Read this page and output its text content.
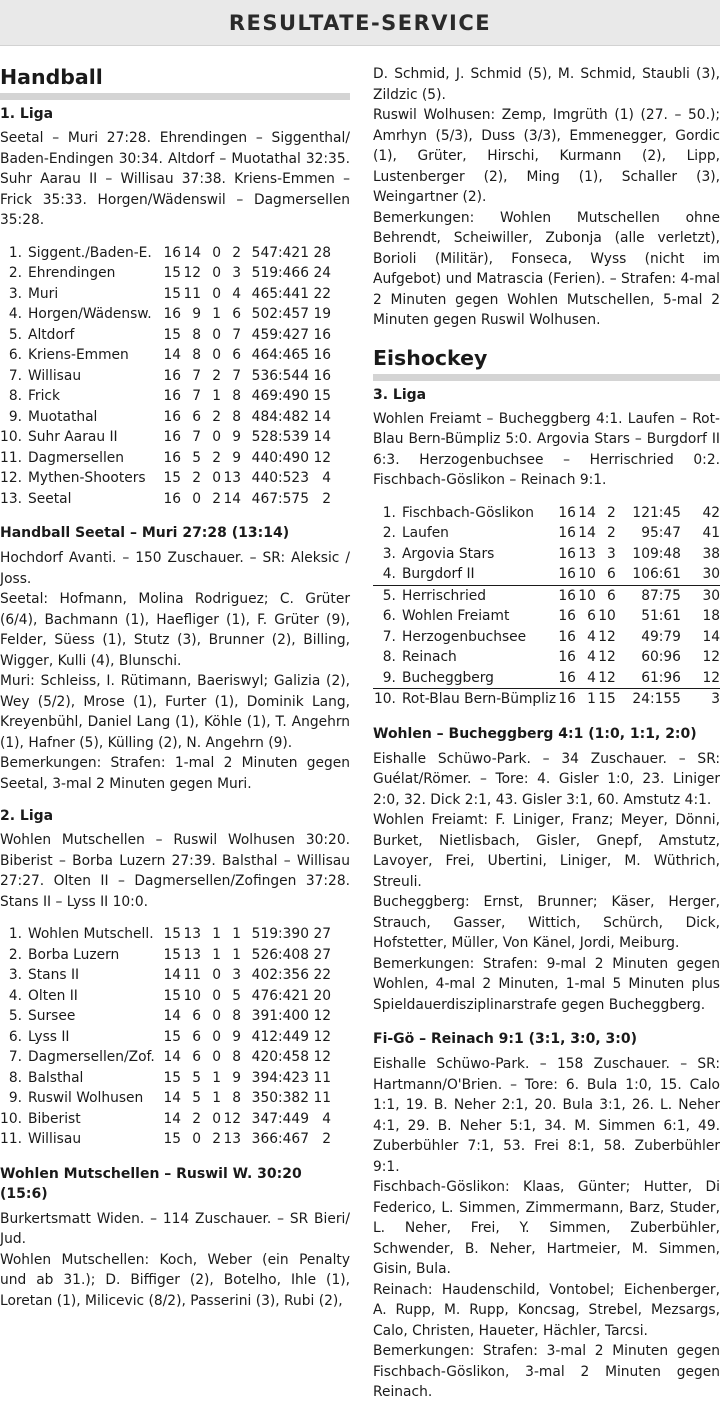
RESULTATE-SERVICE
Handball
1. Liga

Seetal – Muri 27:28. Ehrendingen – Siggenthal/ Baden-Endingen 30:34. Altdorf – Muotathal 32:35. Suhr Aarau II – Willisau 37:38. Kriens-Emmen – Frick 35:33. Horgen/Wädenswil – Dagmersellen 35:28.

1.	Siggent./Baden-E.	16	14	0	2	547:421	28
2.	Ehrendingen	15	12	0	3	519:466	24
3.	Muri	15	11	0	4	465:441	22
4.	Horgen/Wädensw.	16	9	1	6	502:457	19
5.	Altdorf	15	8	0	7	459:427	16
6.	Kriens-Emmen	14	8	0	6	464:465	16
7.	Willisau	16	7	2	7	536:544	16
8.	Frick	16	7	1	8	469:490	15
9.	Muotathal	16	6	2	8	484:482	14
10.	Suhr Aarau II	16	7	0	9	528:539	14
11.	Dagmersellen	16	5	2	9	440:490	12
12.	Mythen-Shooters	15	2	0	13	440:523	4
13.	Seetal	16	0	2	14	467:575	2
Handball Seetal – Muri 27:28 (13:14)

Hochdorf Avanti. – 150 Zuschauer. – SR: Aleksic / Joss.

Seetal: Hofmann, Molina Rodriguez; C. Grüter (6/4), Bachmann (1), Haefliger (1), F. Grüter (9), Felder, Süess (1), Stutz (3), Brunner (2), Billing, Wigger, Kulli (4), Blunschi.

Muri: Schleiss, I. Rütimann, Baeriswyl; Galizia (2), Wey (5/2), Mrose (1), Furter (1), Dominik Lang, Kreyenbühl, Daniel Lang (1), Köhle (1), T. Angehrn (1), Hafner (5), Külling (2), N. Angehrn (9).

Bemerkungen: Strafen: 1-mal 2 Minuten gegen Seetal, 3-mal 2 Minuten gegen Muri.

2. Liga

Wohlen Mutschellen – Ruswil Wolhusen 30:20. Biberist – Borba Luzern 27:39. Balsthal – Willisau 27:27. Olten II – Dagmersellen/Zofingen 37:28. Stans II – Lyss II 10:0.

1.	Wohlen Mutschell.	15	13	1	1	519:390	27
2.	Borba Luzern	15	13	1	1	526:408	27
3.	Stans II	14	11	0	3	402:356	22
4.	Olten II	15	10	0	5	476:421	20
5.	Sursee	14	6	0	8	391:400	12
6.	Lyss II	15	6	0	9	412:449	12
7.	Dagmersellen/Zof.	14	6	0	8	420:458	12
8.	Balsthal	15	5	1	9	394:423	11
9.	Ruswil Wolhusen	14	5	1	8	350:382	11
10.	Biberist	14	2	0	12	347:449	4
11.	Willisau	15	0	2	13	366:467	2
Wohlen Mutschellen – Ruswil W. 30:20 (15:6)

Burkertsmatt Widen. – 114 Zuschauer. – SR Bieri/ Jud.

Wohlen Mutschellen: Koch, Weber (ein Penalty und ab 31.); D. Biffiger (2), Botelho, Ihle (1), Loretan (1), Milicevic (8/2), Passerini (3), Rubi (2),

D. Schmid, J. Schmid (5), M. Schmid, Staubli (3), Zildzic (5).

Ruswil Wolhusen: Zemp, Imgrüth (1) (27. – 50.); Amrhyn (5/3), Duss (3/3), Emmenegger, Gordic (1), Grüter, Hirschi, Kurmann (2), Lipp, Lustenberger (2), Ming (1), Schaller (3), Weingartner (2).

Bemerkungen: Wohlen Mutschellen ohne Behrendt, Scheiwiller, Zubonja (alle verletzt), Borioli (Militär), Fonseca, Wyss (nicht im Aufgebot) und Matrascia (Ferien). – Strafen: 4-mal 2 Minuten gegen Wohlen Mutschellen, 5-mal 2 Minuten gegen Ruswil Wolhusen.

Eishockey
3. Liga

Wohlen Freiamt – Bucheggberg 4:1. Laufen – Rot-Blau Bern-Bümpliz 5:0. Argovia Stars – Burgdorf II 6:3. Herzogenbuchsee – Herrischried 0:2. Fischbach-Göslikon – Reinach 9:1.

1.	Fischbach-Göslikon	16	14	2	121:45	42
2.	Laufen	16	14	2	95:47	41
3.	Argovia Stars	16	13	3	109:48	38
4.	Burgdorf II	16	10	6	106:61	30
5.	Herrischried	16	10	6	87:75	30
6.	Wohlen Freiamt	16	6	10	51:61	18
7.	Herzogenbuchsee	16	4	12	49:79	14
8.	Reinach	16	4	12	60:96	12
9.	Bucheggberg	16	4	12	61:96	12
10.	Rot-Blau Bern-Bümpliz	16	1	15	24:155	3
Wohlen – Bucheggberg 4:1 (1:0, 1:1, 2:0)

Eishalle Schüwo-Park. – 34 Zuschauer. – SR: Guélat/Römer. – Tore: 4. Gisler 1:0, 23. Liniger 2:0, 32. Dick 2:1, 43. Gisler 3:1, 60. Amstutz 4:1.

Wohlen Freiamt: F. Liniger, Franz; Meyer, Dönni, Burket, Nietlisbach, Gisler, Gnepf, Amstutz, Lavoyer, Frei, Ubertini, Liniger, M. Wüthrich, Streuli.

Bucheggberg: Ernst, Brunner; Käser, Herger, Strauch, Gasser, Wittich, Schürch, Dick, Hofstetter, Müller, Von Känel, Jordi, Meiburg.

Bemerkungen: Strafen: 9-mal 2 Minuten gegen Wohlen, 4-mal 2 Minuten, 1-mal 5 Minuten plus Spieldauerdisziplinarstrafe gegen Bucheggberg.

Fi-Gö – Reinach 9:1 (3:1, 3:0, 3:0)

Eishalle Schüwo-Park. – 158 Zuschauer. – SR: Hartmann/O'Brien. – Tore: 6. Bula 1:0, 15. Calo 1:1, 19. B. Neher 2:1, 20. Bula 3:1, 26. L. Neher 4:1, 29. B. Neher 5:1, 34. M. Simmen 6:1, 49. Zuberbühler 7:1, 53. Frei 8:1, 58. Zuberbühler 9:1.

Fischbach-Göslikon: Klaas, Günter; Hutter, Di Federico, L. Simmen, Zimmermann, Barz, Studer, L. Neher, Frei, Y. Simmen, Zuberbühler, Schwender, B. Neher, Hartmeier, M. Simmen, Gisin, Bula.

Reinach: Haudenschild, Vontobel; Eichenberger, A. Rupp, M. Rupp, Koncsag, Strebel, Mezsargs, Calo, Christen, Haueter, Hächler, Tarcsi.

Bemerkungen: Strafen: 3-mal 2 Minuten gegen Fischbach-Göslikon, 3-mal 2 Minuten gegen Reinach.
